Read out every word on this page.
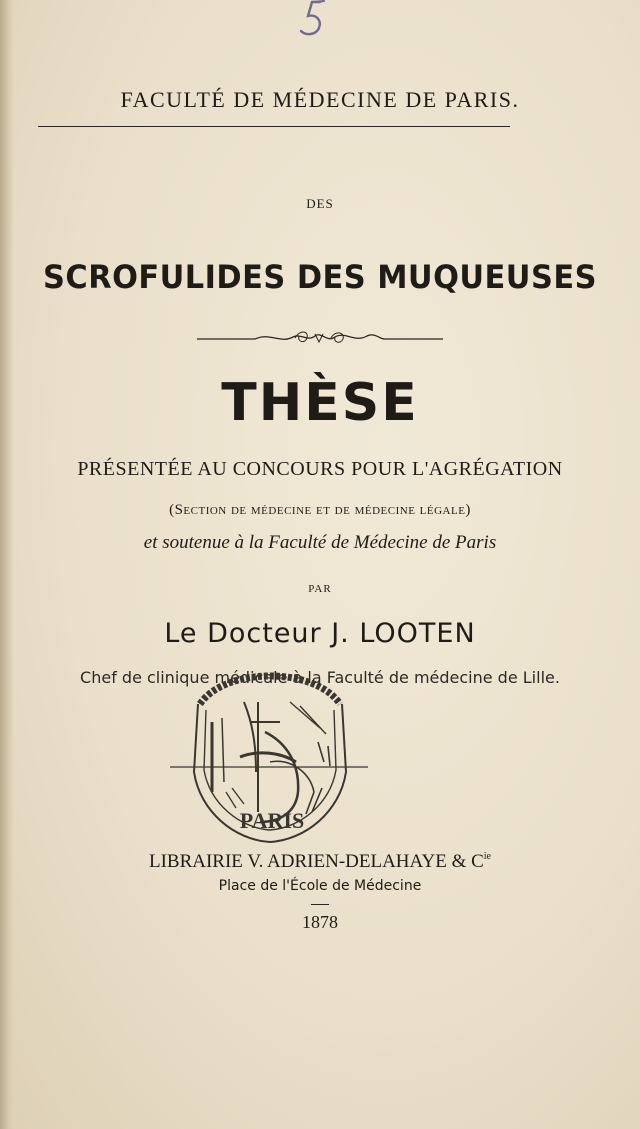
FACULTÉ DE MÉDECINE DE PARIS.
DES
SCROFULIDES DES MUQUEUSES
THÈSE
PRÉSENTÉE AU CONCOURS POUR L'AGRÉGATION
(Section de médecine et de médecine légale)
et soutenue à la Faculté de Médecine de Paris
PAR
Le Docteur J. LOOTEN
Chef de clinique médicale à la Faculté de médecine de Lille.
PARIS
LIBRAIRIE V. ADRIEN-DELAHAYE & $C^{ie}$
Place de l'École de Médecine
1878
